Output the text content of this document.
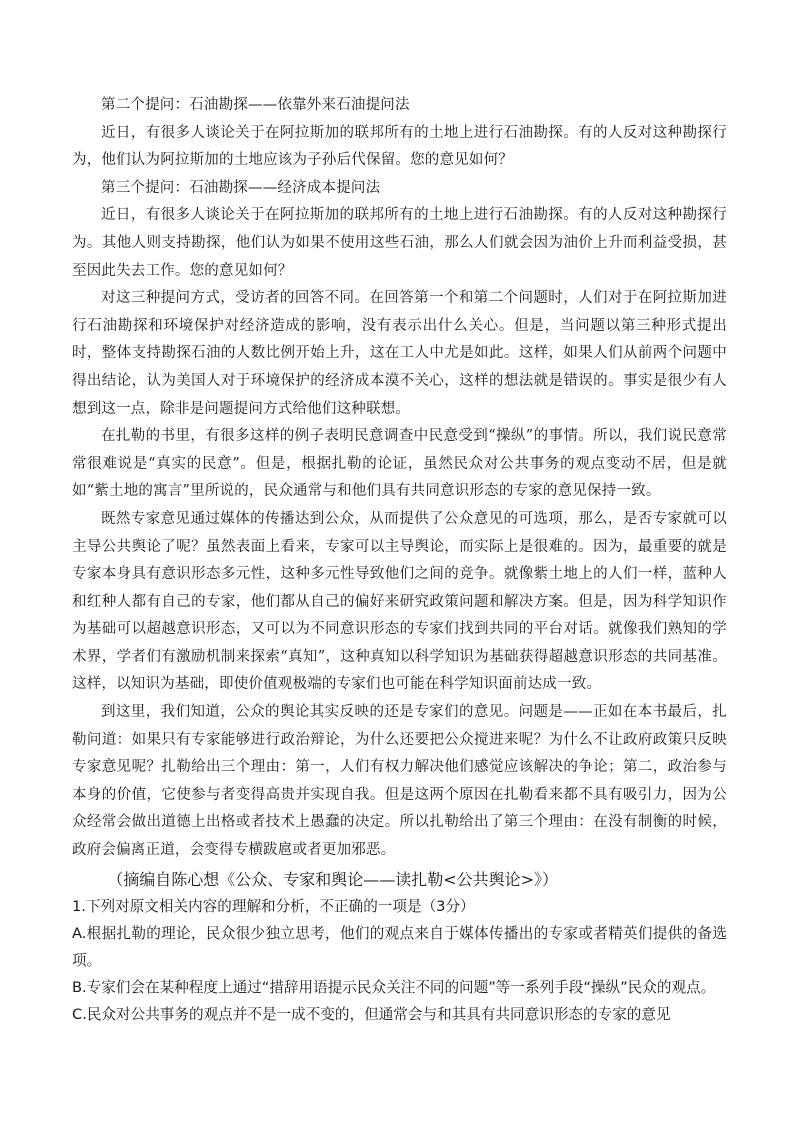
第二个提问：石油勘探——依靠外来石油提问法

近日，有很多人谈论关于在阿拉斯加的联邦所有的土地上进行石油勘探。有的人反对这种勘探行为，他们认为阿拉斯加的土地应该为子孙后代保留。您的意见如何？

第三个提问：石油勘探——经济成本提问法

近日，有很多人谈论关于在阿拉斯加的联邦所有的土地上进行石油勘探。有的人反对这种勘探行为。其他人则支持勘探，他们认为如果不使用这些石油，那么人们就会因为油价上升而利益受损，甚至因此失去工作。您的意见如何？

对这三种提问方式，受访者的回答不同。在回答第一个和第二个问题时，人们对于在阿拉斯加进行石油勘探和环境保护对经济造成的影响，没有表示出什么关心。但是，当问题以第三种形式提出时，整体支持勘探石油的人数比例开始上升，这在工人中尤是如此。这样，如果人们从前两个问题中得出结论，认为美国人对于环境保护的经济成本漠不关心，这样的想法就是错误的。事实是很少有人想到这一点，除非是问题提问方式给他们这种联想。

在扎勒的书里，有很多这样的例子表明民意调查中民意受到“操纵”的事情。所以，我们说民意常常很难说是“真实的民意”。但是，根据扎勒的论证，虽然民众对公共事务的观点变动不居，但是就如“紫土地的寓言”里所说的，民众通常与和他们具有共同意识形态的专家的意见保持一致。

既然专家意见通过媒体的传播达到公众，从而提供了公众意见的可选项，那么，是否专家就可以主导公共舆论了呢？虽然表面上看来，专家可以主导舆论，而实际上是很难的。因为，最重要的就是专家本身具有意识形态多元性，这种多元性导致他们之间的竞争。就像紫土地上的人们一样，蓝种人和红种人都有自己的专家，他们都从自己的偏好来研究政策问题和解决方案。但是，因为科学知识作为基础可以超越意识形态，又可以为不同意识形态的专家们找到共同的平台对话。就像我们熟知的学术界，学者们有激励机制来探索“真知”，这种真知以科学知识为基础获得超越意识形态的共同基准。这样，以知识为基础，即使价值观极端的专家们也可能在科学知识面前达成一致。

到这里，我们知道，公众的舆论其实反映的还是专家们的意见。问题是——正如在本书最后，扎勒问道：如果只有专家能够进行政治辩论，为什么还要把公众搅进来呢？为什么不让政府政策只反映专家意见呢？扎勒给出三个理由：第一，人们有权力解决他们感觉应该解决的争论；第二，政治参与本身的价值，它使参与者变得高贵并实现自我。但是这两个原因在扎勒看来都不具有吸引力，因为公众经常会做出道德上出格或者技术上愚蠢的决定。所以扎勒给出了第三个理由：在没有制衡的时候，政府会偏离正道，会变得专横跋扈或者更加邪恶。

（摘编自陈心想《公众、专家和舆论——读扎勒<公共舆论>》）

1.下列对原文相关内容的理解和分析，不正确的一项是（3分）

A.根据扎勒的理论，民众很少独立思考，他们的观点来自于媒体传播出的专家或者精英们提供的备选项。

B.专家们会在某种程度上通过“措辞用语提示民众关注不同的问题”等一系列手段“操纵”民众的观点。

C.民众对公共事务的观点并不是一成不变的，但通常会与和其具有共同意识形态的专家的意见
